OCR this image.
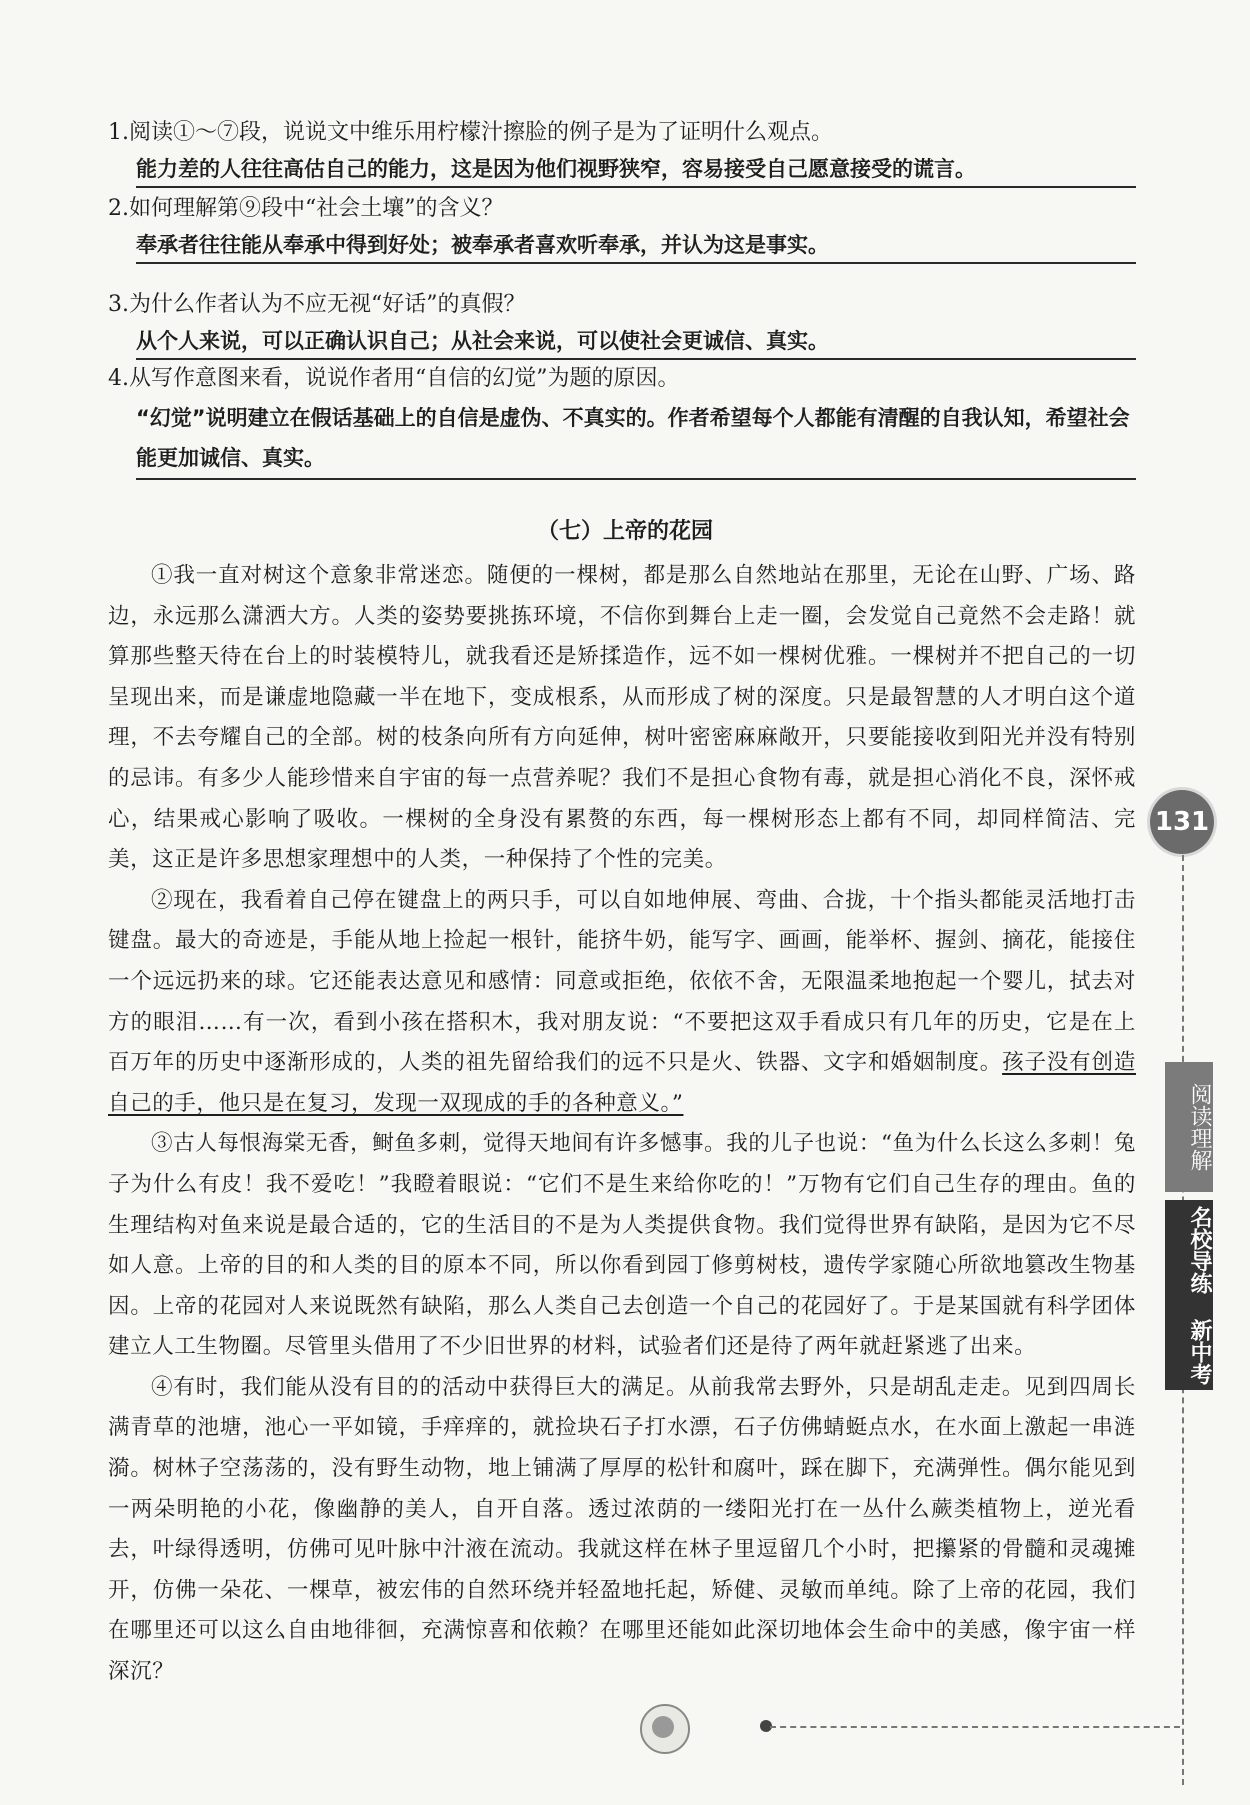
1.阅读①～⑦段，说说文中维乐用柠檬汁擦脸的例子是为了证明什么观点。

能力差的人往往高估自己的能力，这是因为他们视野狭窄，容易接受自己愿意接受的谎言。

2.如何理解第⑨段中“社会土壤”的含义？

奉承者往往能从奉承中得到好处；被奉承者喜欢听奉承，并认为这是事实。

3.为什么作者认为不应无视“好话”的真假？

从个人来说，可以正确认识自己；从社会来说，可以使社会更诚信、真实。

4.从写作意图来看，说说作者用“自信的幻觉”为题的原因。

“幻觉”说明建立在假话基础上的自信是虚伪、不真实的。作者希望每个人都能有清醒的自我认知，希望社会能更加诚信、真实。

（七）上帝的花园

①我一直对树这个意象非常迷恋。随便的一棵树，都是那么自然地站在那里，无论在山野、广场、路边，永远那么潇洒大方。人类的姿势要挑拣环境，不信你到舞台上走一圈，会发觉自己竟然不会走路！就算那些整天待在台上的时装模特儿，就我看还是矫揉造作，远不如一棵树优雅。一棵树并不把自己的一切呈现出来，而是谦虚地隐藏一半在地下，变成根系，从而形成了树的深度。只是最智慧的人才明白这个道理，不去夸耀自己的全部。树的枝条向所有方向延伸，树叶密密麻麻敞开，只要能接收到阳光并没有特别的忌讳。有多少人能珍惜来自宇宙的每一点营养呢？我们不是担心食物有毒，就是担心消化不良，深怀戒心，结果戒心影响了吸收。一棵树的全身没有累赘的东西，每一棵树形态上都有不同，却同样简洁、完美，这正是许多思想家理想中的人类，一种保持了个性的完美。

②现在，我看着自己停在键盘上的两只手，可以自如地伸展、弯曲、合拢，十个指头都能灵活地打击键盘。最大的奇迹是，手能从地上捡起一根针，能挤牛奶，能写字、画画，能举杯、握剑、摘花，能接住一个远远扔来的球。它还能表达意见和感情：同意或拒绝，依依不舍，无限温柔地抱起一个婴儿，拭去对方的眼泪……有一次，看到小孩在搭积木，我对朋友说：“不要把这双手看成只有几年的历史，它是在上百万年的历史中逐渐形成的，人类的祖先留给我们的远不只是火、铁器、文字和婚姻制度。孩子没有创造自己的手，他只是在复习，发现一双现成的手的各种意义。”

③古人每恨海棠无香，鲥鱼多刺，觉得天地间有许多憾事。我的儿子也说：“鱼为什么长这么多刺！兔子为什么有皮！我不爱吃！”我瞪着眼说：“它们不是生来给你吃的！”万物有它们自己生存的理由。鱼的生理结构对鱼来说是最合适的，它的生活目的不是为人类提供食物。我们觉得世界有缺陷，是因为它不尽如人意。上帝的目的和人类的目的原本不同，所以你看到园丁修剪树枝，遗传学家随心所欲地篡改生物基因。上帝的花园对人来说既然有缺陷，那么人类自己去创造一个自己的花园好了。于是某国就有科学团体建立人工生物圈。尽管里头借用了不少旧世界的材料，试验者们还是待了两年就赶紧逃了出来。

④有时，我们能从没有目的的活动中获得巨大的满足。从前我常去野外，只是胡乱走走。见到四周长满青草的池塘，池心一平如镜，手痒痒的，就捡块石子打水漂，石子仿佛蜻蜓点水，在水面上激起一串涟漪。树林子空荡荡的，没有野生动物，地上铺满了厚厚的松针和腐叶，踩在脚下，充满弹性。偶尔能见到一两朵明艳的小花，像幽静的美人，自开自落。透过浓荫的一缕阳光打在一丛什么蕨类植物上，逆光看去，叶绿得透明，仿佛可见叶脉中汁液在流动。我就这样在林子里逗留几个小时，把攥紧的骨髓和灵魂摊开，仿佛一朵花、一棵草，被宏伟的自然环绕并轻盈地托起，矫健、灵敏而单纯。除了上帝的花园，我们在哪里还可以这么自由地徘徊，充满惊喜和依赖？在哪里还能如此深切地体会生命中的美感，像宇宙一样深沉？

131
阅读理解
名校导练 新中考
